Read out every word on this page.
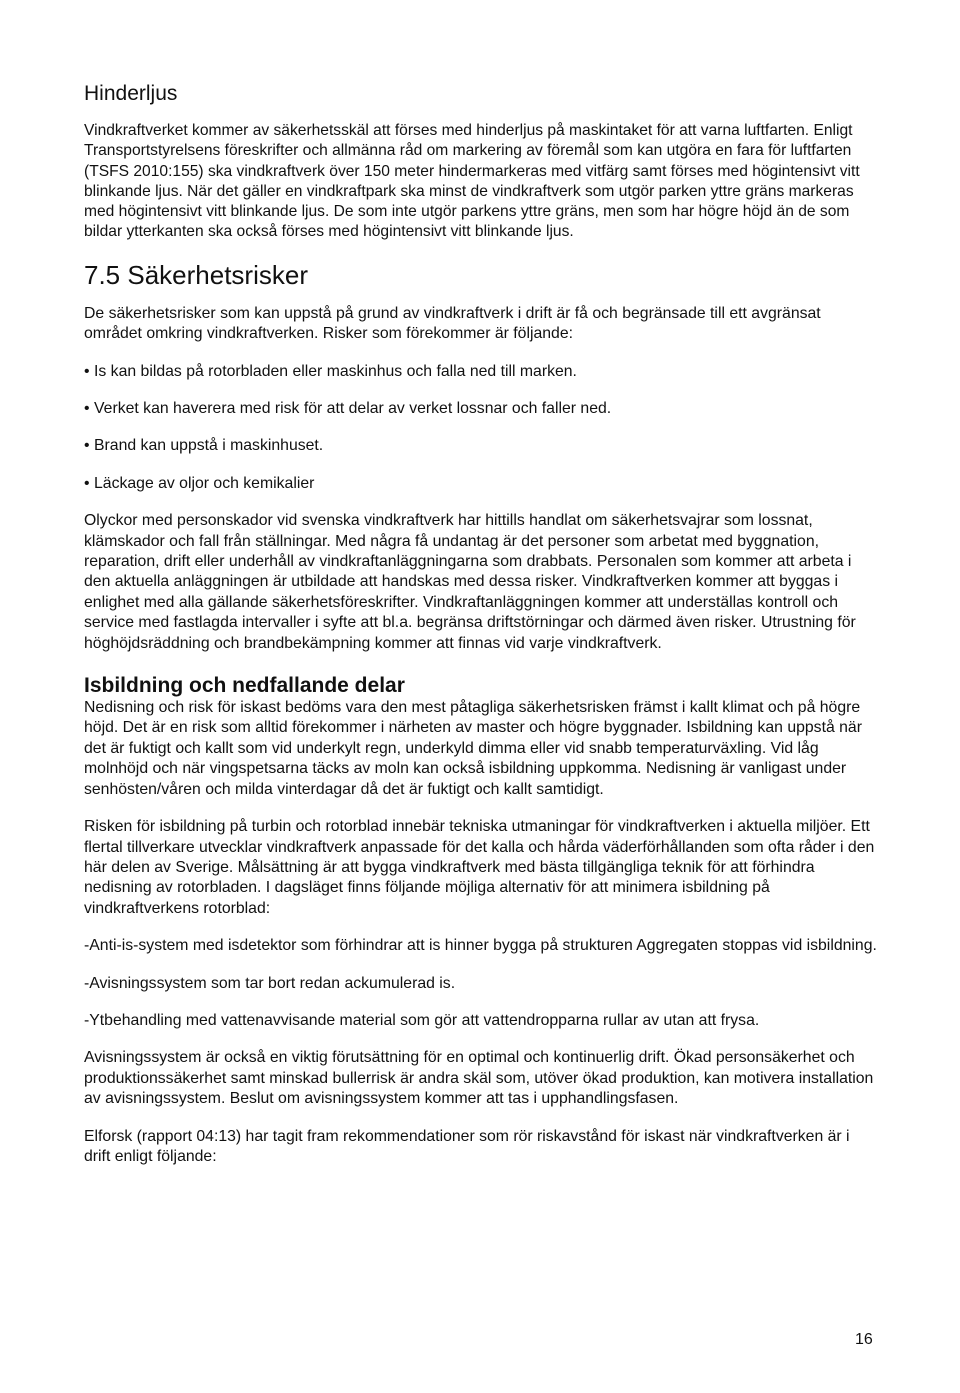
Hinderljus

Vindkraftverket kommer av säkerhetsskäl att förses med hinderljus på maskintaket för att varna luftfarten. Enligt Transportstyrelsens föreskrifter och allmänna råd om markering av föremål som kan utgöra en fara för luftfarten (TSFS 2010:155) ska vindkraftverk över 150 meter hindermarkeras med vitfärg samt förses med högintensivt vitt blinkande ljus. När det gäller en vindkraftpark ska minst de vindkraftverk som utgör parken yttre gräns markeras med högintensivt vitt blinkande ljus. De som inte utgör parkens yttre gräns, men som har högre höjd än de som bildar ytterkanten ska också förses med högintensivt vitt blinkande ljus.

7.5 Säkerhetsrisker

De säkerhetsrisker som kan uppstå på grund av vindkraftverk i drift är få och begränsade till ett avgränsat området omkring vindkraftverken. Risker som förekommer är följande:

• Is kan bildas på rotorbladen eller maskinhus och falla ned till marken.
• Verket kan haverera med risk för att delar av verket lossnar och faller ned.
• Brand kan uppstå i maskinhuset.
• Läckage av oljor och kemikalier

Olyckor med personskador vid svenska vindkraftverk har hittills handlat om säkerhetsvajrar som lossnat, klämskador och fall från ställningar. Med några få undantag är det personer som arbetat med byggnation, reparation, drift eller underhåll av vindkraftanläggningarna som drabbats. Personalen som kommer att arbeta i den aktuella anläggningen är utbildade att handskas med dessa risker. Vindkraftverken kommer att byggas i enlighet med alla gällande säkerhetsföreskrifter. Vindkraftanläggningen kommer att underställas kontroll och service med fastlagda intervaller i syfte att bl.a. begränsa driftstörningar och därmed även risker. Utrustning för höghöjdsräddning och brandbekämpning kommer att finnas vid varje vindkraftverk.

Isbildning och nedfallande delar

Nedisning och risk för iskast bedöms vara den mest påtagliga säkerhetsrisken främst i kallt klimat och på högre höjd. Det är en risk som alltid förekommer i närheten av master och högre byggnader. Isbildning kan uppstå när det är fuktigt och kallt som vid underkylt regn, underkyld dimma eller vid snabb temperaturväxling. Vid låg molnhöjd och när vingspetsarna täcks av moln kan också isbildning uppkomma. Nedisning är vanligast under senhösten/våren och milda vinterdagar då det är fuktigt och kallt samtidigt.

Risken för isbildning på turbin och rotorblad innebär tekniska utmaningar för vindkraftverken i aktuella miljöer. Ett flertal tillverkare utvecklar vindkraftverk anpassade för det kalla och hårda väderförhållanden som ofta råder i den här delen av Sverige. Målsättning är att bygga vindkraftverk med bästa tillgängliga teknik för att förhindra nedisning av rotorbladen. I dagsläget finns följande möjliga alternativ för att minimera isbildning på vindkraftverkens rotorblad:

-Anti-is-system med isdetektor som förhindrar att is hinner bygga på strukturen Aggregaten stoppas vid isbildning.

-Avisningssystem som tar bort redan ackumulerad is.

-Ytbehandling med vattenavvisande material som gör att vattendropparna rullar av utan att frysa.

Avisningssystem är också en viktig förutsättning för en optimal och kontinuerlig drift. Ökad personsäkerhet och produktionssäkerhet samt minskad bullerrisk är andra skäl som, utöver ökad produktion, kan motivera installation av avisningssystem. Beslut om avisningssystem kommer att tas i upphandlingsfasen.

Elforsk (rapport 04:13) har tagit fram rekommendationer som rör riskavstånd för iskast när vindkraftverken är i drift enligt följande:

16
